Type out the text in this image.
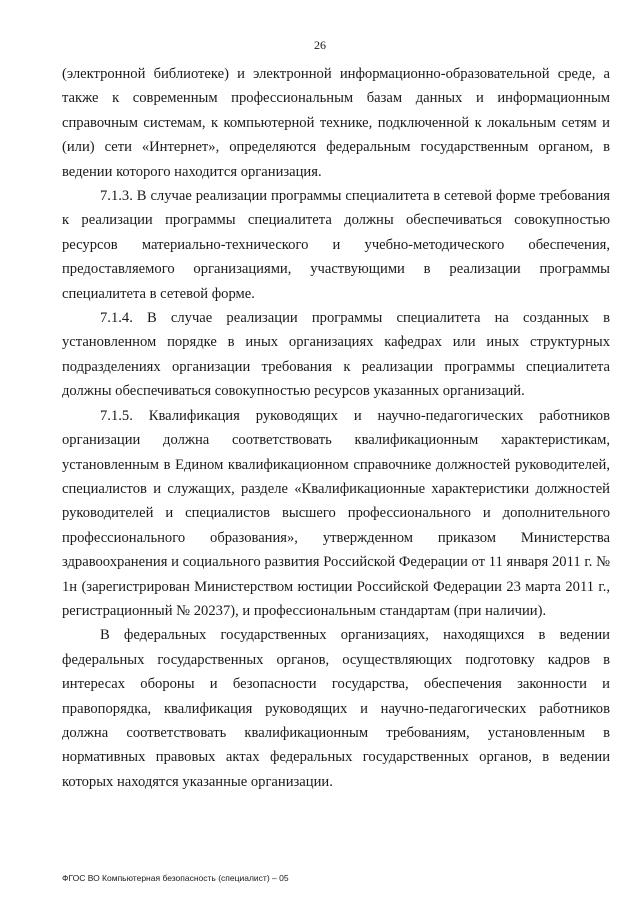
26

(электронной библиотеке) и электронной информационно-образовательной среде, а также к современным профессиональным базам данных и информационным справочным системам, к компьютерной технике, подключенной к локальным сетям и (или) сети «Интернет», определяются федеральным государственным органом, в ведении которого находится организация.

7.1.3. В случае реализации программы специалитета в сетевой форме требования к реализации программы специалитета должны обеспечиваться совокупностью ресурсов материально-технического и учебно-методического обеспечения, предоставляемого организациями, участвующими в реализации программы специалитета в сетевой форме.

7.1.4. В случае реализации программы специалитета на созданных в установленном порядке в иных организациях кафедрах или иных структурных подразделениях организации требования к реализации программы специалитета должны обеспечиваться совокупностью ресурсов указанных организаций.

7.1.5. Квалификация руководящих и научно-педагогических работников организации должна соответствовать квалификационным характеристикам, установленным в Едином квалификационном справочнике должностей руководителей, специалистов и служащих, разделе «Квалификационные характеристики должностей руководителей и специалистов высшего профессионального и дополнительного профессионального образования», утвержденном приказом Министерства здравоохранения и социального развития Российской Федерации от 11 января 2011 г. № 1н (зарегистрирован Министерством юстиции Российской Федерации 23 марта 2011 г., регистрационный № 20237), и профессиональным стандартам (при наличии).

В федеральных государственных организациях, находящихся в ведении федеральных государственных органов, осуществляющих подготовку кадров в интересах обороны и безопасности государства, обеспечения законности и правопорядка, квалификация руководящих и научно-педагогических работников должна соответствовать квалификационным требованиям, установленным в нормативных правовых актах федеральных государственных органов, в ведении которых находятся указанные организации.

ФГОС ВО Компьютерная безопасность (специалист) – 05
